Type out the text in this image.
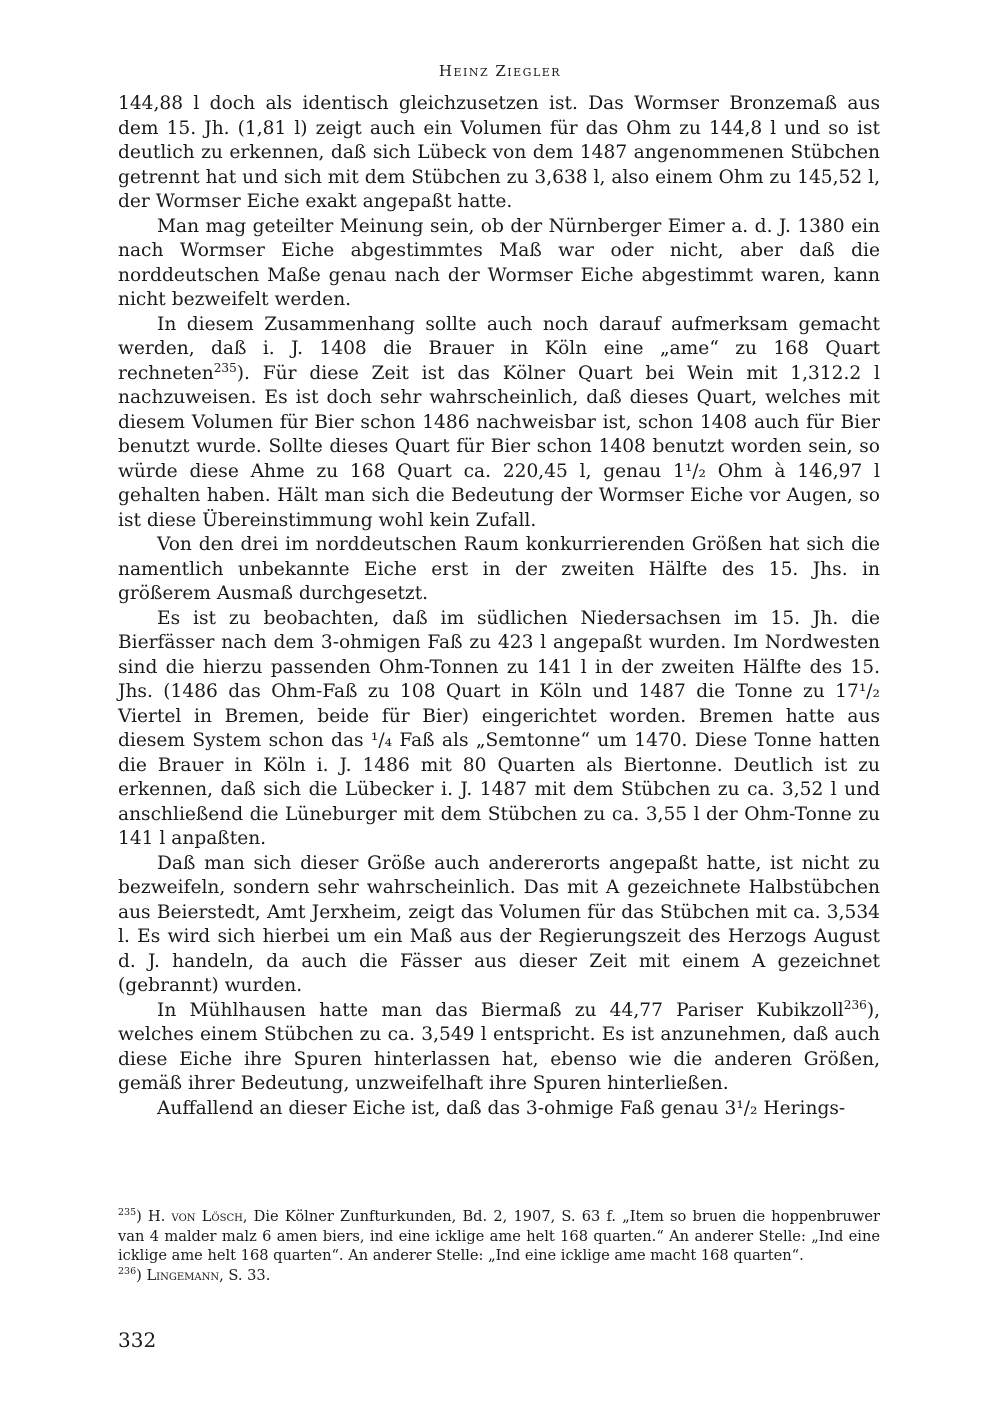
Heinz Ziegler

144,88 l doch als identisch gleichzusetzen ist. Das Wormser Bronzemaß aus dem 15. Jh. (1,81 l) zeigt auch ein Volumen für das Ohm zu 144,8 l und so ist deutlich zu erkennen, daß sich Lübeck von dem 1487 angenommenen Stübchen getrennt hat und sich mit dem Stübchen zu 3,638 l, also einem Ohm zu 145,52 l, der Wormser Eiche exakt angepaßt hatte.

Man mag geteilter Meinung sein, ob der Nürnberger Eimer a. d. J. 1380 ein nach Wormser Eiche abgestimmtes Maß war oder nicht, aber daß die norddeutschen Maße genau nach der Wormser Eiche abgestimmt waren, kann nicht bezweifelt werden.

In diesem Zusammenhang sollte auch noch darauf aufmerksam gemacht werden, daß i. J. 1408 die Brauer in Köln eine „ame“ zu 168 Quart rechneten$^{235}$). Für diese Zeit ist das Kölner Quart bei Wein mit 1,312.2 l nachzuweisen. Es ist doch sehr wahrscheinlich, daß dieses Quart, welches mit diesem Volumen für Bier schon 1486 nachweisbar ist, schon 1408 auch für Bier benutzt wurde. Sollte dieses Quart für Bier schon 1408 benutzt worden sein, so würde diese Ahme zu 168 Quart ca. 220,45 l, genau 1¹/₂ Ohm à 146,97 l gehalten haben. Hält man sich die Bedeutung der Wormser Eiche vor Augen, so ist diese Übereinstimmung wohl kein Zufall.

Von den drei im norddeutschen Raum konkurrierenden Größen hat sich die namentlich unbekannte Eiche erst in der zweiten Hälfte des 15. Jhs. in größerem Ausmaß durchgesetzt.

Es ist zu beobachten, daß im südlichen Niedersachsen im 15. Jh. die Bierfässer nach dem 3-ohmigen Faß zu 423 l angepaßt wurden. Im Nordwesten sind die hierzu passenden Ohm-Tonnen zu 141 l in der zweiten Hälfte des 15. Jhs. (1486 das Ohm-Faß zu 108 Quart in Köln und 1487 die Tonne zu 17¹/₂ Viertel in Bremen, beide für Bier) eingerichtet worden. Bremen hatte aus diesem System schon das ¹/₄ Faß als „Semtonne“ um 1470. Diese Tonne hatten die Brauer in Köln i. J. 1486 mit 80 Quarten als Biertonne. Deutlich ist zu erkennen, daß sich die Lübecker i. J. 1487 mit dem Stübchen zu ca. 3,52 l und anschließend die Lüneburger mit dem Stübchen zu ca. 3,55 l der Ohm-Tonne zu 141 l anpaßten.

Daß man sich dieser Größe auch andererorts angepaßt hatte, ist nicht zu bezweifeln, sondern sehr wahrscheinlich. Das mit A gezeichnete Halbstübchen aus Beierstedt, Amt Jerxheim, zeigt das Volumen für das Stübchen mit ca. 3,534 l. Es wird sich hierbei um ein Maß aus der Regierungszeit des Herzogs August d. J. handeln, da auch die Fässer aus dieser Zeit mit einem A gezeichnet (gebrannt) wurden.

In Mühlhausen hatte man das Biermaß zu 44,77 Pariser Kubikzoll$^{236}$), welches einem Stübchen zu ca. 3,549 l entspricht. Es ist anzunehmen, daß auch diese Eiche ihre Spuren hinterlassen hat, ebenso wie die anderen Größen, gemäß ihrer Bedeutung, unzweifelhaft ihre Spuren hinterließen.

Auffallend an dieser Eiche ist, daß das 3-ohmige Faß genau 3¹/₂ Herings-

$^{235}$) H. von Lösch, Die Kölner Zunfturkunden, Bd. 2, 1907, S. 63 f. „Item so bruen die hoppenbruwer van 4 malder malz 6 amen biers, ind eine icklige ame helt 168 quarten.“ An anderer Stelle: „Ind eine icklige ame helt 168 quarten“. An anderer Stelle: „Ind eine icklige ame macht 168 quarten“.

$^{236}$) Lingemann, S. 33.

332
